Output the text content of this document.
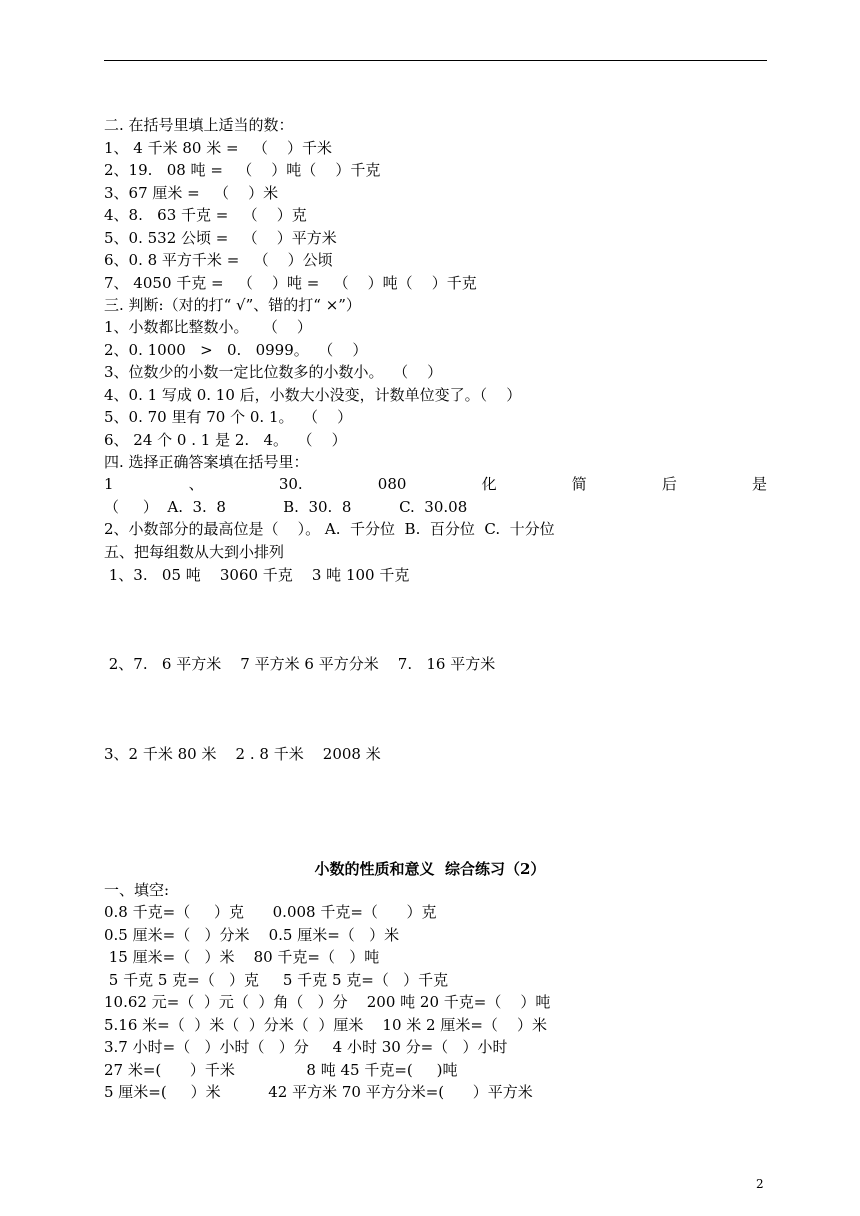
二. 在括号里填上适当的数：
1、 4 千米 80 米 =   （    ）千米
2、19.   08 吨 =   （    ）吨（    ）千克
3、67 厘米 =   （    ）米
4、8.   63 千克 =   （    ）克
5、0. 532 公顷 =   （    ）平方米
6、0. 8 平方千米 =   （    ）公顷
7、 4050 千克 =   （    ）吨 =   （    ）吨（    ）千克
三. 判断:（对的打“ √”、错的打“ ×”）
1、小数都比整数小。   （    ）
2、0. 1000   >   0.   0999。  （    ）
3、位数少的小数一定比位数多的小数小。  （    ）
4、0. 1 写成 0. 10 后，小数大小没变，计数单位变了。（    ）
5、0. 70 里有 70 个 0. 1。  （    ）
6、 24 个 0 . 1 是 2.   4。  （    ）
四. 选择正确答案填在括号里：
1	、	30.	080	化	简	后	是
（     ）  A.  3.  8            B.  30.  8          C.  30.08
2、小数部分的最高位是（    ）。 A.  千分位  B.  百分位  C.  十分位
五、把每组数从大到小排列
1、3.   05 吨    3060 千克    3 吨 100 千克
2、7.   6 平方米    7 平方米 6 平方分米    7.   16 平方米
3、2 千米 80 米    2 . 8 千米    2008 米
小数的性质和意义  综合练习（2）
一、填空:
0.8 千克=（     ）克      0.008 千克=（      ）克
0.5 厘米=（   ）分米    0.5 厘米=（   ）米
15 厘米=（   ）米    80 千克=（   ）吨
5 千克 5 克=（   ）克     5 千克 5 克=（   ）千克
10.62 元=（  ）元（  ）角（   ）分    200 吨 20 千克=（    ）吨
5.16 米=（  ）米（  ）分米（  ）厘米    10 米 2 厘米=（    ）米
3.7 小时=（   ）小时（   ）分     4 小时 30 分=（   ）小时
27 米=(      ）千米               8 吨 45 千克=(     )吨
5 厘米=(     ）米          42 平方米 70 平方分米=(      ）平方米
2
